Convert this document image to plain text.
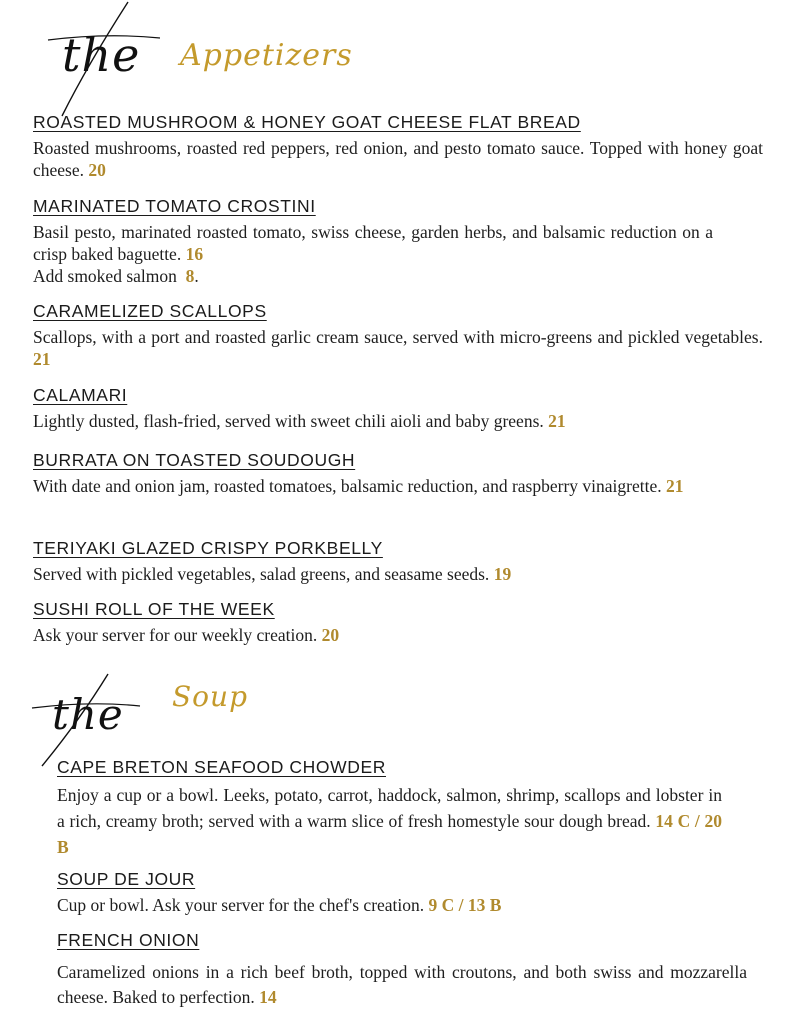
the Appetizers
ROASTED MUSHROOM & HONEY GOAT CHEESE FLAT BREAD
Roasted mushrooms, roasted red peppers, red onion, and pesto tomato sauce. Topped with honey goat cheese. 20
MARINATED TOMATO CROSTINI
Basil pesto, marinated roasted tomato, swiss cheese, garden herbs, and balsamic reduction on a crisp baked baguette. 16
Add smoked salmon 8.
CARAMELIZED SCALLOPS
Scallops, with a port and roasted garlic cream sauce, served with micro-greens and pickled vegetables. 21
CALAMARI
Lightly dusted, flash-fried, served with sweet chili aioli and baby greens. 21
BURRATA ON TOASTED SOUDOUGH
With date and onion jam, roasted tomatoes, balsamic reduction, and raspberry vinaigrette. 21
TERIYAKI GLAZED CRISPY PORKBELLY
Served with pickled vegetables, salad greens, and seasame seeds. 19
SUSHI ROLL OF THE WEEK
Ask your server for our weekly creation. 20
the Soup
CAPE BRETON SEAFOOD CHOWDER
Enjoy a cup or a bowl. Leeks, potato, carrot, haddock, salmon, shrimp, scallops and lobster in a rich, creamy broth; served with a warm slice of fresh homestyle sour dough bread. 14 C / 20 B
SOUP DE JOUR
Cup or bowl. Ask your server for the chef's creation. 9 C / 13 B
FRENCH ONION
Caramelized onions in a rich beef broth, topped with croutons, and both swiss and mozzarella cheese. Baked to perfection. 14
